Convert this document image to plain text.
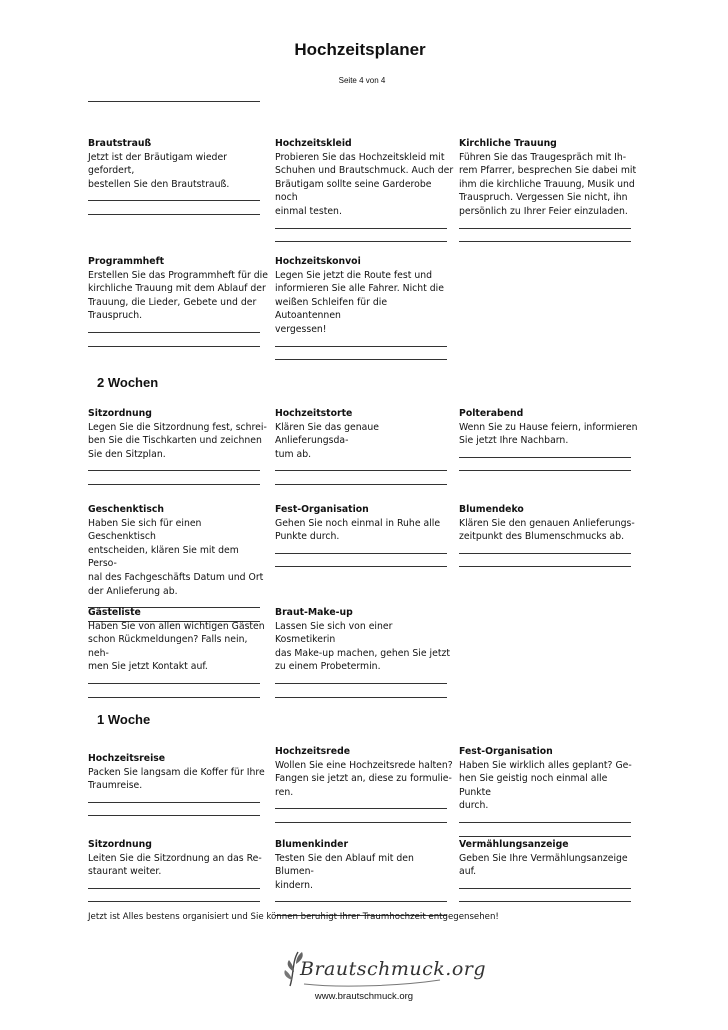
Hochzeitsplaner
Seite 4 von 4
Brautstrauß
Jetzt ist der Bräutigam wieder gefordert,
bestellen Sie den Brautstrauß.
Hochzeitskleid
Probieren Sie das Hochzeitskleid mit
Schuhen und Brautschmuck. Auch der
Bräutigam sollte seine Garderobe noch
einmal testen.
Kirchliche Trauung
Führen Sie das Traugespräch mit Ih-
rem Pfarrer, besprechen Sie dabei mit
ihm die kirchliche Trauung, Musik und
Trauspruch. Vergessen Sie nicht, ihn
persönlich zu Ihrer Feier einzuladen.
Programmheft
Erstellen Sie das Programmheft für die
kirchliche Trauung mit dem Ablauf der
Trauung, die Lieder, Gebete und der
Trauspruch.
Hochzeitskonvoi
Legen Sie jetzt die Route fest und
informieren Sie alle Fahrer. Nicht die
weißen Schleifen für die Autoantennen
vergessen!
2 Wochen
Sitzordnung
Legen Sie die Sitzordnung fest, schrei-
ben Sie die Tischkarten und zeichnen
Sie den Sitzplan.
Hochzeitstorte
Klären Sie das genaue Anlieferungsda-
tum ab.
Polterabend
Wenn Sie zu Hause feiern, informieren
Sie jetzt Ihre Nachbarn.
Geschenktisch
Haben Sie sich für einen Geschenktisch
entscheiden, klären Sie mit dem Perso-
nal des Fachgeschäfts Datum und Ort
der Anlieferung ab.
Fest-Organisation
Gehen Sie noch einmal in Ruhe alle
Punkte durch.
Blumendeko
Klären Sie den genauen Anlieferungs-
zeitpunkt des Blumenschmucks ab.
Gästeliste
Haben Sie von allen wichtigen Gästen
schon Rückmeldungen? Falls nein, neh-
men Sie jetzt Kontakt auf.
Braut-Make-up
Lassen Sie sich von einer Kosmetikerin
das Make-up machen, gehen Sie jetzt
zu einem Probetermin.
1 Woche
Hochzeitsreise
Packen Sie langsam die Koffer für Ihre
Traumreise.
Hochzeitsrede
Wollen Sie eine Hochzeitsrede halten?
Fangen sie jetzt an, diese zu formulie-
ren.
Fest-Organisation
Haben Sie wirklich alles geplant? Ge-
hen Sie geistig noch einmal alle Punkte
durch.
Sitzordnung
Leiten Sie die Sitzordnung an das Re-
staurant weiter.
Blumenkinder
Testen Sie den Ablauf mit den Blumen-
kindern.
Vermählungsanzeige
Geben Sie Ihre Vermählungsanzeige
auf.
Jetzt ist Alles bestens organisiert und Sie können beruhigt Ihrer Traumhochzeit entgegensehen!
Brautschmuck.org
www.brautschmuck.org
